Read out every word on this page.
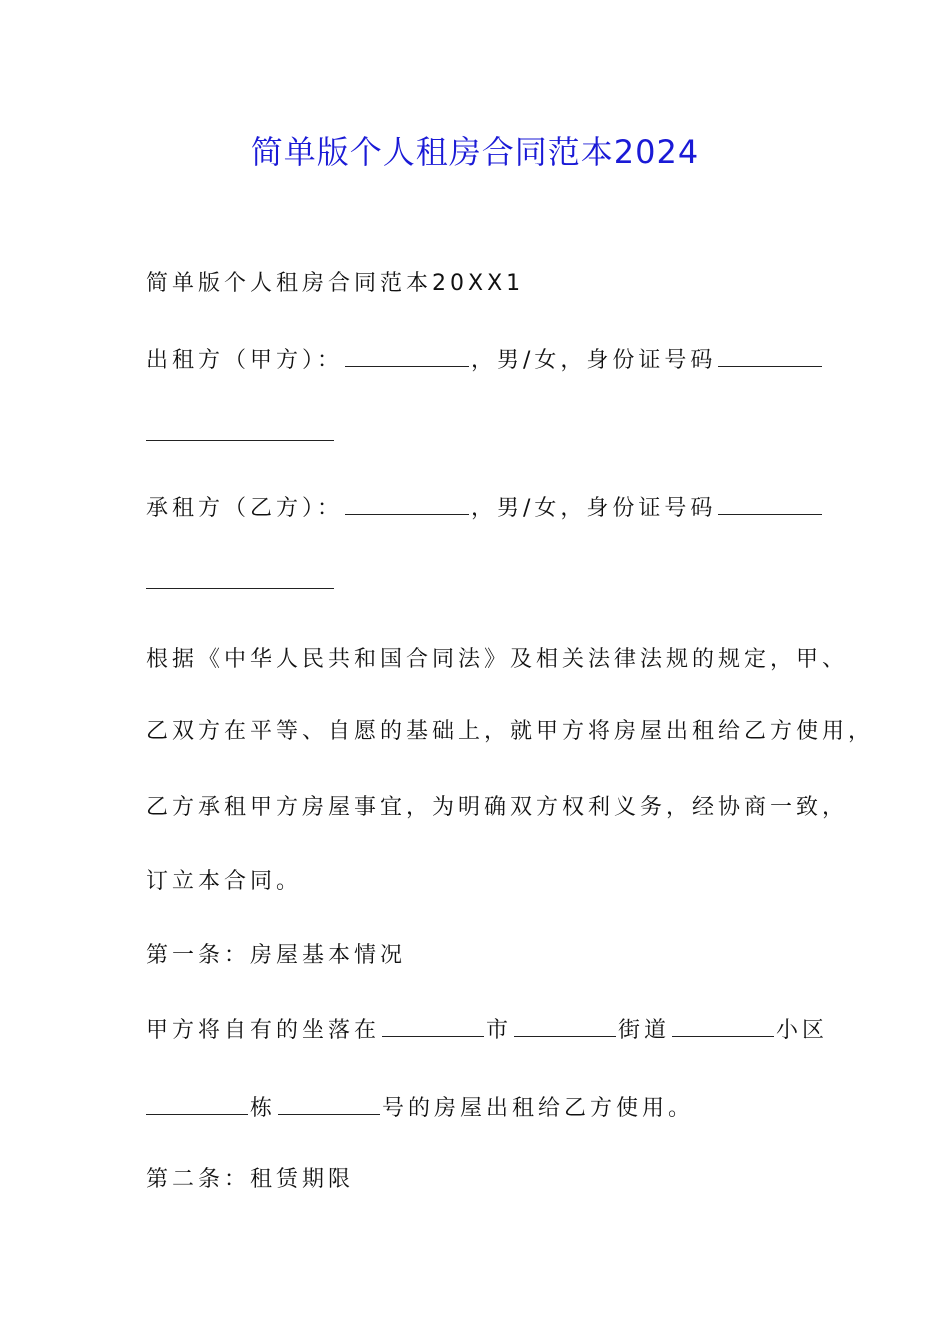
简单版个人租房合同范本2024
简单版个人租房合同范本20XX1
出租方（甲方）：	，男/女，身份证号码
承租方（乙方）：	，男/女，身份证号码
根据《中华人民共和国合同法》及相关法律法规的规定，甲、
乙双方在平等、自愿的基础上，就甲方将房屋出租给乙方使用，
乙方承租甲方房屋事宜，为明确双方权利义务，经协商一致，
订立本合同。
第一条：房屋基本情况
甲方将自有的坐落在	市	街道	小区
栋	号的房屋出租给乙方使用。
第二条：租赁期限
